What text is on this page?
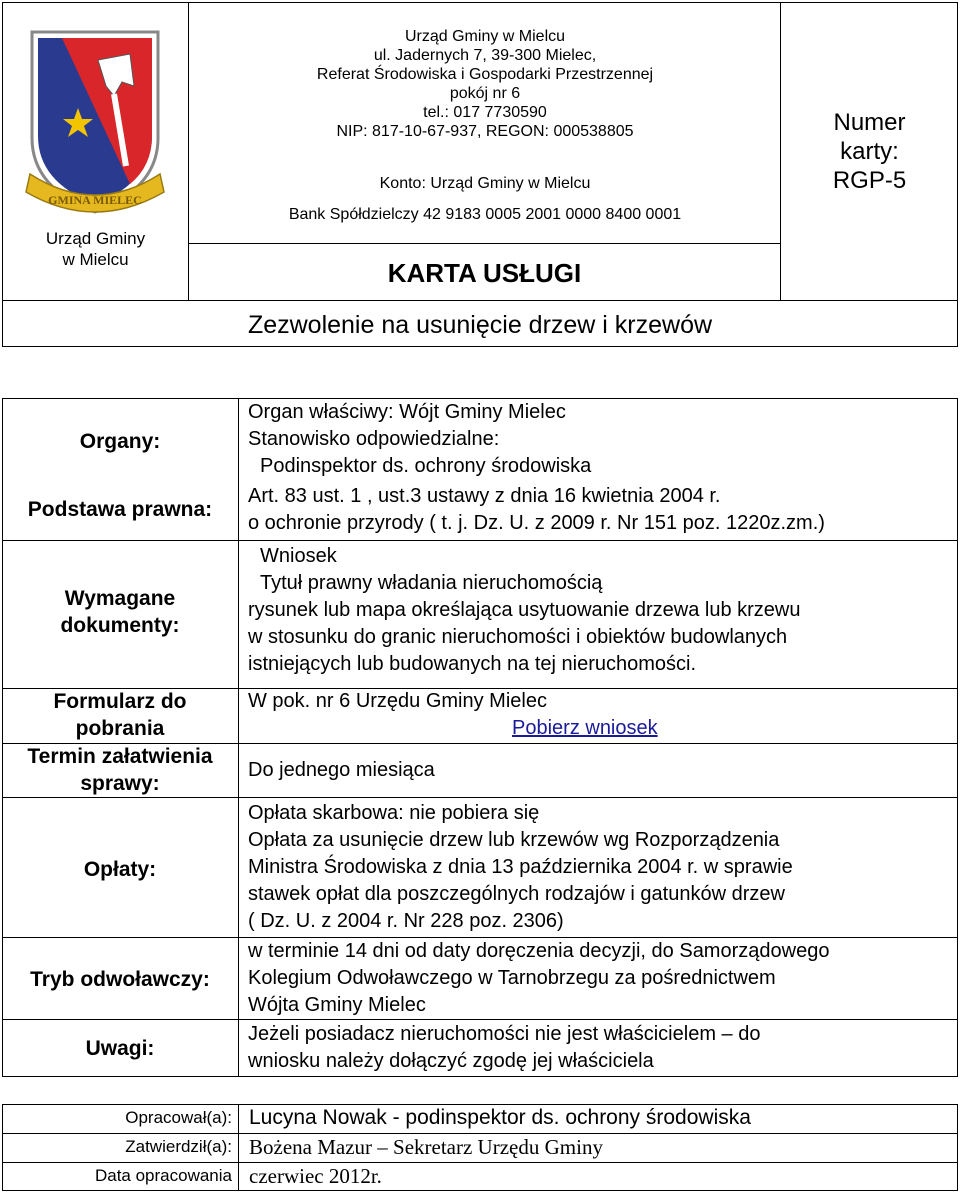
GMINA MIELEC
Urząd Gminy
w Mielcu
Urząd Gminy w Mielcu
ul. Jadernych 7, 39-300 Mielec,
Referat Środowiska i Gospodarki Przestrzennej
pokój nr 6
tel.: 017 7730590
NIP: 817-10-67-937, REGON: 000538805
Konto: Urząd Gminy w Mielcu
Bank Spółdzielczy 42 9183 0005 2001 0000 8400 0001
KARTA USŁUGI
Numer
karty:
RGP-5
Zezwolenie na usunięcie drzew i krzewów
Organy:
Podstawa prawna:
Organ właściwy: Wójt Gminy Mielec
Stanowisko odpowiedzialne:
Podinspektor ds. ochrony środowiska
Art. 83 ust. 1 , ust.3 ustawy z dnia 16 kwietnia 2004 r.
o ochronie przyrody ( t. j. Dz. U. z 2009 r. Nr 151 poz. 1220z.zm.)
Wymagane
dokumenty:
Wniosek
Tytuł prawny władania nieruchomością
rysunek lub mapa określająca usytuowanie drzewa lub krzewu
w stosunku do granic nieruchomości i obiektów budowlanych
istniejących lub budowanych na tej nieruchomości.
Formularz do
pobrania
W pok. nr 6 Urzędu Gminy Mielec
Pobierz wniosek
Termin załatwienia
sprawy:
Do jednego miesiąca
Opłaty:
Opłata skarbowa: nie pobiera się
Opłata za usunięcie drzew lub krzewów wg Rozporządzenia
Ministra Środowiska z dnia 13 października 2004 r. w sprawie
stawek opłat dla poszczególnych rodzajów i gatunków drzew
( Dz. U. z 2004 r. Nr 228 poz. 2306)
Tryb odwoławczy:
w terminie 14 dni od daty doręczenia decyzji, do Samorządowego
Kolegium Odwoławczego w Tarnobrzegu za pośrednictwem
Wójta Gminy Mielec
Uwagi:
Jeżeli posiadacz nieruchomości nie jest właścicielem – do
wniosku należy dołączyć zgodę jej właściciela
Opracował(a): Lucyna Nowak - podinspektor ds. ochrony środowiska
Zatwierdził(a): Bożena Mazur – Sekretarz Urzędu Gminy
Data opracowania czerwiec 2012r.
